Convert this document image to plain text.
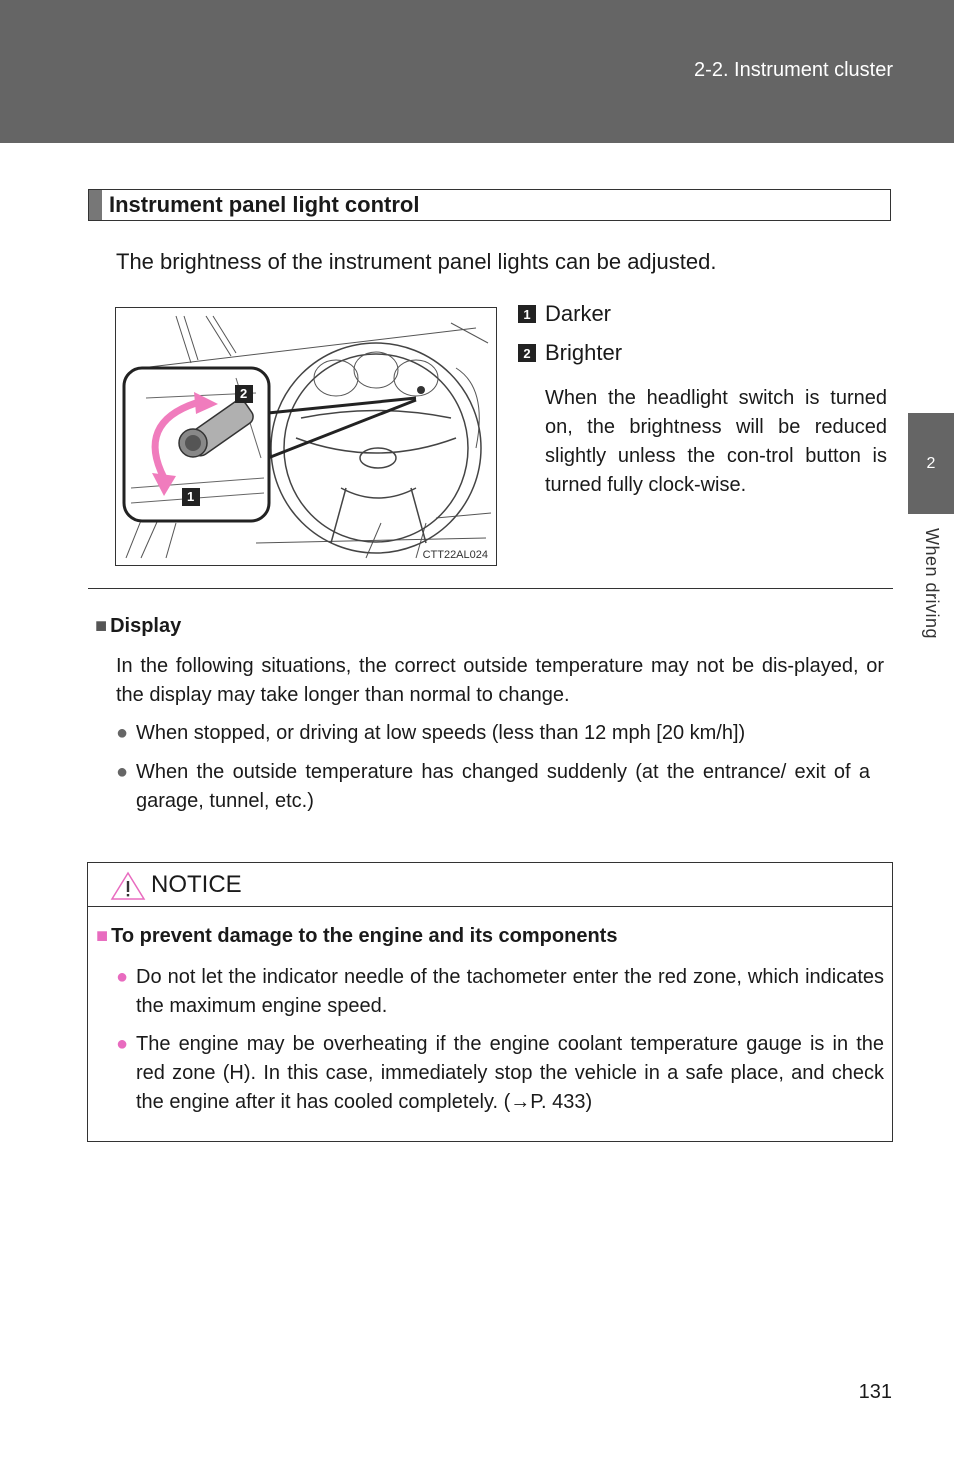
2-2. Instrument cluster
2
When driving
Instrument panel light control
The brightness of the instrument panel lights can be adjusted.
2
1
CTT22AL024
1 Darker
2 Brighter
When the headlight switch is turned on, the brightness will be reduced slightly unless the con-trol button is turned fully clock-wise.
■ Display
In the following situations, the correct outside temperature may not be dis-played, or the display may take longer than normal to change.
● When stopped, or driving at low speeds (less than 12 mph [20 km/h])
● When the outside temperature has changed suddenly (at the entrance/ exit of a garage, tunnel, etc.)
NOTICE
■ To prevent damage to the engine and its components
● Do not let the indicator needle of the tachometer enter the red zone, which indicates the maximum engine speed.
● The engine may be overheating if the engine coolant temperature gauge is in the red zone (H). In this case, immediately stop the vehicle in a safe place, and check the engine after it has cooled completely. (→P. 433)
131
